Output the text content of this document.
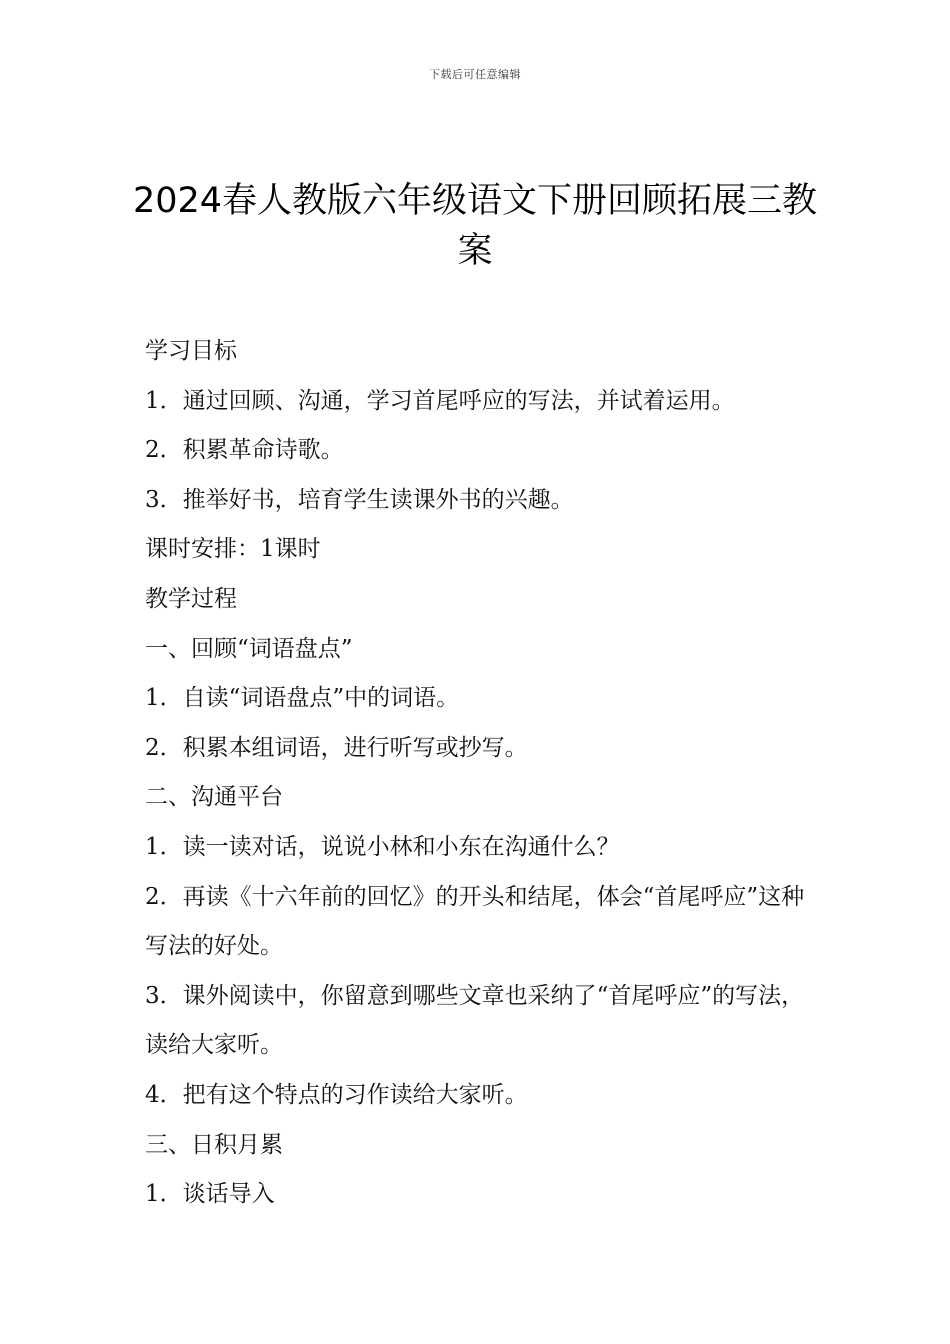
下载后可任意编辑
2024春人教版六年级语文下册回顾拓展三教案

学习目标

1．通过回顾、沟通，学习首尾呼应的写法，并试着运用。

2．积累革命诗歌。

3．推举好书，培育学生读课外书的兴趣。

课时安排：1课时

教学过程

一、回顾“词语盘点”

1．自读“词语盘点”中的词语。

2．积累本组词语，进行听写或抄写。

二、沟通平台

1．读一读对话，说说小林和小东在沟通什么？

2．再读《十六年前的回忆》的开头和结尾，体会“首尾呼应”这种写法的好处。

3．课外阅读中，你留意到哪些文章也采纳了“首尾呼应”的写法，读给大家听。

4．把有这个特点的习作读给大家听。

三、日积月累

1．谈话导入
